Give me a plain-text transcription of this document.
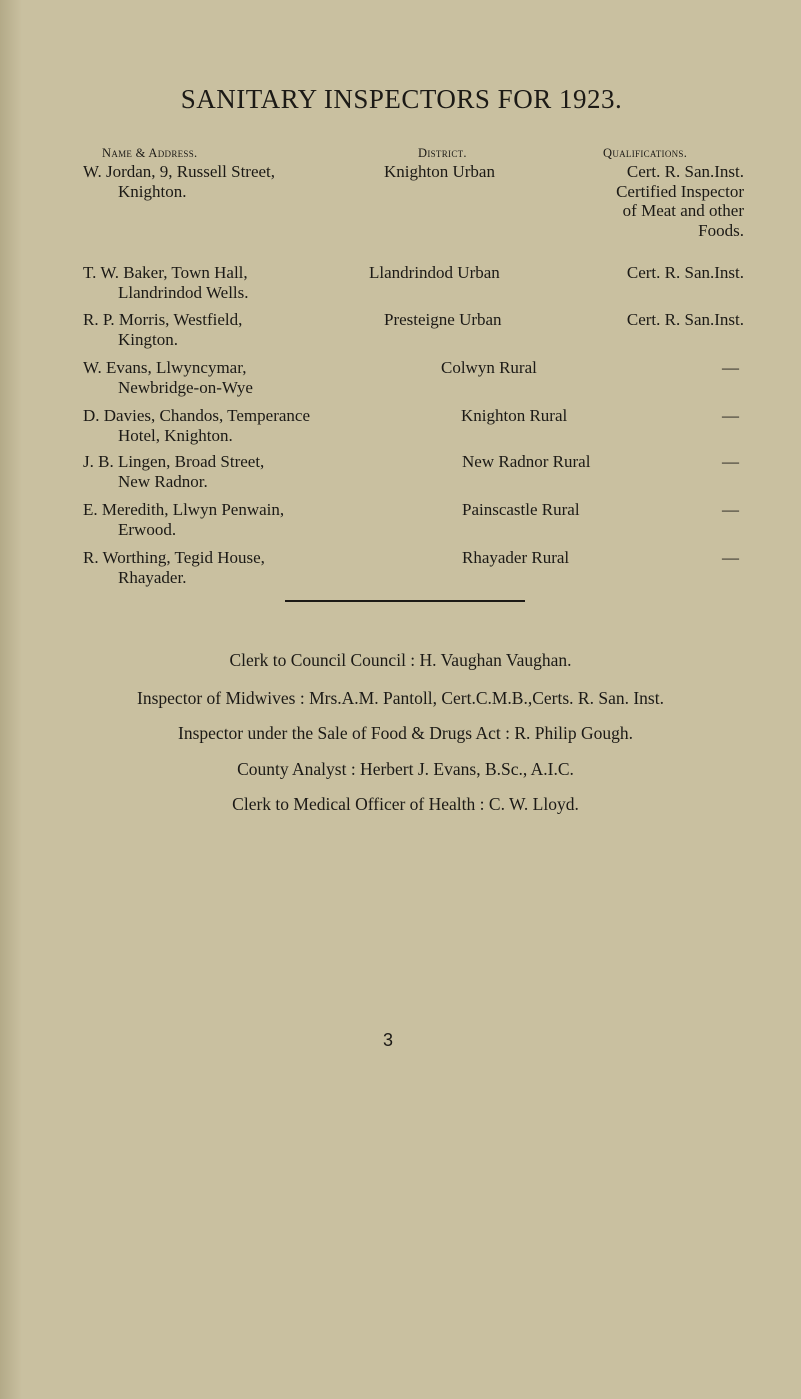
SANITARY INSPECTORS FOR 1923.
Name & Address.	District.	Qualifications.
W. Jordan, 9, Russell Street,
Knighton.
Knighton Urban	Cert. R. San.Inst.
Certified Inspector
of Meat and other
Foods.
T. W. Baker, Town Hall,
Llandrindod Wells.
Llandrindod Urban	Cert. R. San.Inst.
R. P. Morris, Westfield,
Kington.
Presteigne Urban	Cert. R. San.Inst.
W. Evans, Llwyncymar,
Newbridge-on-Wye
Colwyn Rural	—
D. Davies, Chandos, Temperance
Hotel, Knighton.
Knighton Rural	—
J. B. Lingen, Broad Street,
New Radnor.
New Radnor Rural	—
E. Meredith, Llwyn Penwain,
Erwood.
Painscastle Rural	—
R. Worthing, Tegid House,
Rhayader.
Rhayader Rural	—
Clerk to Council Council : H. Vaughan Vaughan.
Inspector of Midwives : Mrs.A.M. Pantoll, Cert.C.M.B.,Certs. R. San. Inst.
Inspector under the Sale of Food & Drugs Act : R. Philip Gough.
County Analyst : Herbert J. Evans, B.Sc., A.I.C.
Clerk to Medical Officer of Health : C. W. Lloyd.
3
